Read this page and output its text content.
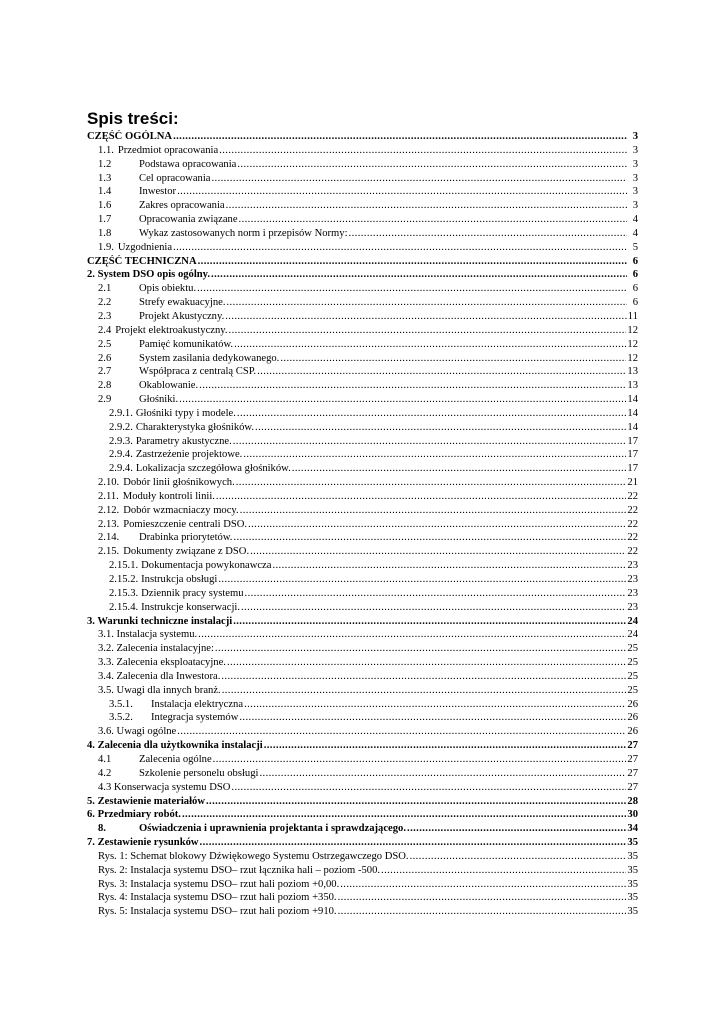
Spis treści:
CZĘŚĆ OGÓLNA .....	3
1.1. Przedmiot opracowania .....	3
1.2	Podstawa opracowania .....	3
1.3	Cel opracowania .....	3
1.4	Inwestor .....	3
1.6	Zakres opracowania .....	3
1.7	Opracowania związane .....	4
1.8	Wykaz zastosowanych norm i przepisów Normy: .....	4
1.9. Uzgodnienia .....	5
CZĘŚĆ TECHNICZNA .....	6
2. System DSO opis ogólny. .....	6
2.1	Opis obiektu. .....	6
2.2	Strefy ewakuacyjne. .....	6
2.3	Projekt Akustyczny. .....	11
2.4 Projekt elektroakustyczny. .....	12
2.5	Pamięć komunikatów. .....	12
2.6	System zasilania dedykowanego. .....	12
2.7	Współpraca z centralą CSP. .....	13
2.8	Okablowanie. .....	13
2.9	Głośniki. .....	14
2.9.1. Głośniki typy i modele. .....	14
2.9.2. Charakterystyka głośników. .....	14
2.9.3. Parametry akustyczne. .....	17
2.9.4. Zastrzeżenie projektowe. .....	17
2.9.4. Lokalizacja szczegółowa głośników. .....	17
2.10. Dobór linii głośnikowych. .....	21
2.11. Moduły kontroli linii. .....	22
2.12. Dobór wzmacniaczy mocy. .....	22
2.13. Pomieszczenie centrali DSO. .....	22
2.14. Drabinka priorytetów. .....	22
2.15. Dokumenty związane z DSO. .....	22
2.15.1. Dokumentacja powykonawcza .....	23
2.15.2. Instrukcja obsługi .....	23
2.15.3. Dziennik pracy systemu .....	23
2.15.4. Instrukcje konserwacji. .....	23
3. Warunki techniczne instalacji .....	24
3.1. Instalacja systemu. .....	24
3.2. Zalecenia instalacyjne: .....	25
3.3. Zalecenia eksploatacyjne. .....	25
3.4. Zalecenia dla Inwestora. .....	25
3.5. Uwagi dla innych branż. .....	25
3.5.1. Instalacja elektryczna .....	26
3.5.2. Integracja systemów .....	26
3.6. Uwagi ogólne .....	26
4. Zalecenia dla użytkownika instalacji .....	27
4.1	Zalecenia ogólne .....	27
4.2	Szkolenie personelu obsługi .....	27
4.3 Konserwacja systemu DSO .....	27
5. Zestawienie materiałów .....	28
6. Przedmiary robót. .....	30
8.	Oświadczenia i uprawnienia projektanta i sprawdzającego. .....	34
7. Zestawienie rysunków .....	35
Rys. 1: Schemat blokowy Dźwiękowego Systemu Ostrzegawczego DSO. .....	35
Rys. 2: Instalacja systemu DSO– rzut łącznika hali – poziom -500. .....	35
Rys. 3: Instalacja systemu DSO– rzut hali poziom +0,00. .....	35
Rys. 4: Instalacja systemu DSO– rzut hali poziom +350. .....	35
Rys. 5: Instalacja systemu DSO– rzut hali poziom +910. .....	35
